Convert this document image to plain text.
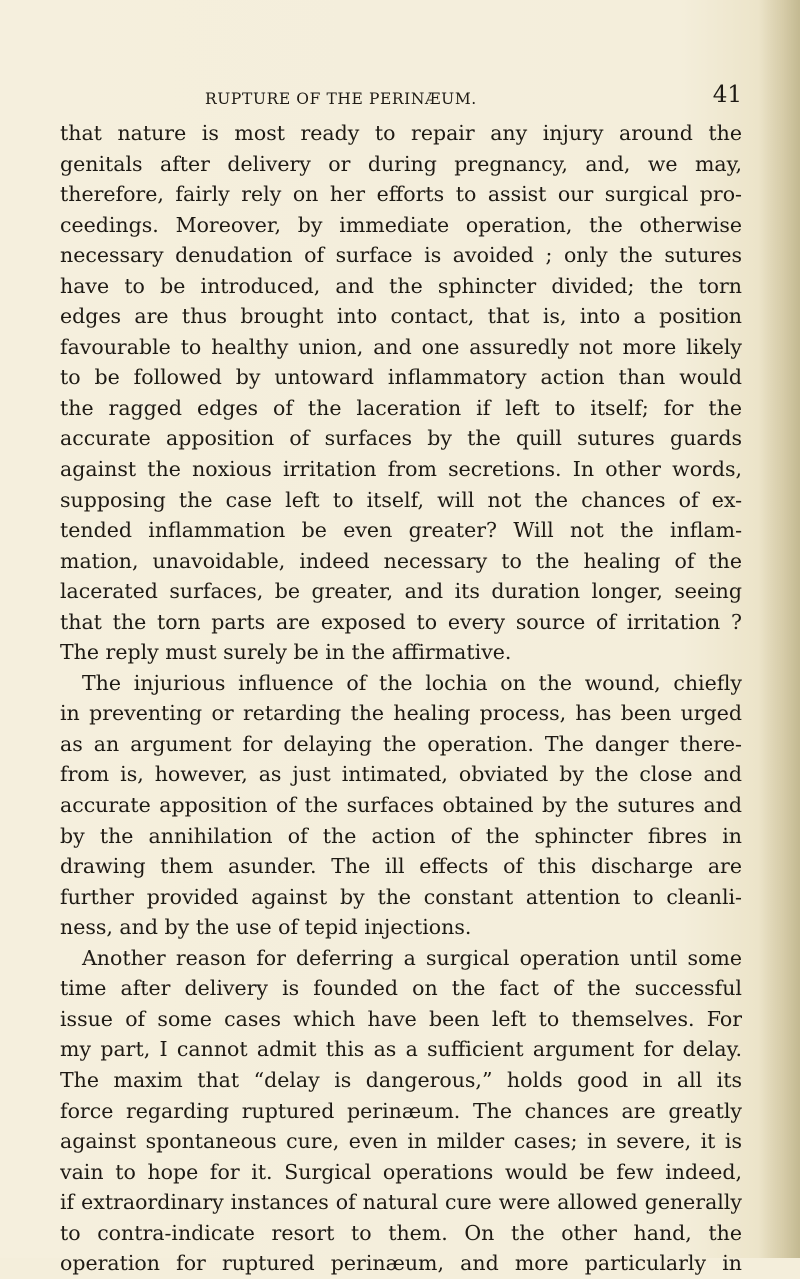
RUPTURE OF THE PERINÆUM.	41
that nature is most ready to repair any injury around the
genitals after delivery or during pregnancy, and, we may,
therefore, fairly rely on her efforts to assist our surgical pro-
ceedings. Moreover, by immediate operation, the otherwise
necessary denudation of surface is avoided ; only the sutures
have to be introduced, and the sphincter divided; the torn
edges are thus brought into contact, that is, into a position
favourable to healthy union, and one assuredly not more likely
to be followed by untoward inflammatory action than would
the ragged edges of the laceration if left to itself; for the
accurate apposition of surfaces by the quill sutures guards
against the noxious irritation from secretions. In other words,
supposing the case left to itself, will not the chances of ex-
tended inflammation be even greater? Will not the inflam-
mation, unavoidable, indeed necessary to the healing of the
lacerated surfaces, be greater, and its duration longer, seeing
that the torn parts are exposed to every source of irritation ?
The reply must surely be in the affirmative.
The injurious influence of the lochia on the wound, chiefly
in preventing or retarding the healing process, has been urged
as an argument for delaying the operation. The danger there-
from is, however, as just intimated, obviated by the close and
accurate apposition of the surfaces obtained by the sutures and
by the annihilation of the action of the sphincter fibres in
drawing them asunder. The ill effects of this discharge are
further provided against by the constant attention to cleanli-
ness, and by the use of tepid injections.
Another reason for deferring a surgical operation until some
time after delivery is founded on the fact of the successful
issue of some cases which have been left to themselves. For
my part, I cannot admit this as a sufficient argument for delay.
The maxim that “delay is dangerous,” holds good in all its
force regarding ruptured perinæum. The chances are greatly
against spontaneous cure, even in milder cases; in severe, it is
vain to hope for it. Surgical operations would be few indeed,
if extraordinary instances of natural cure were allowed generally
to contra-indicate resort to them. On the other hand, the
operation for ruptured perinæum, and more particularly in
